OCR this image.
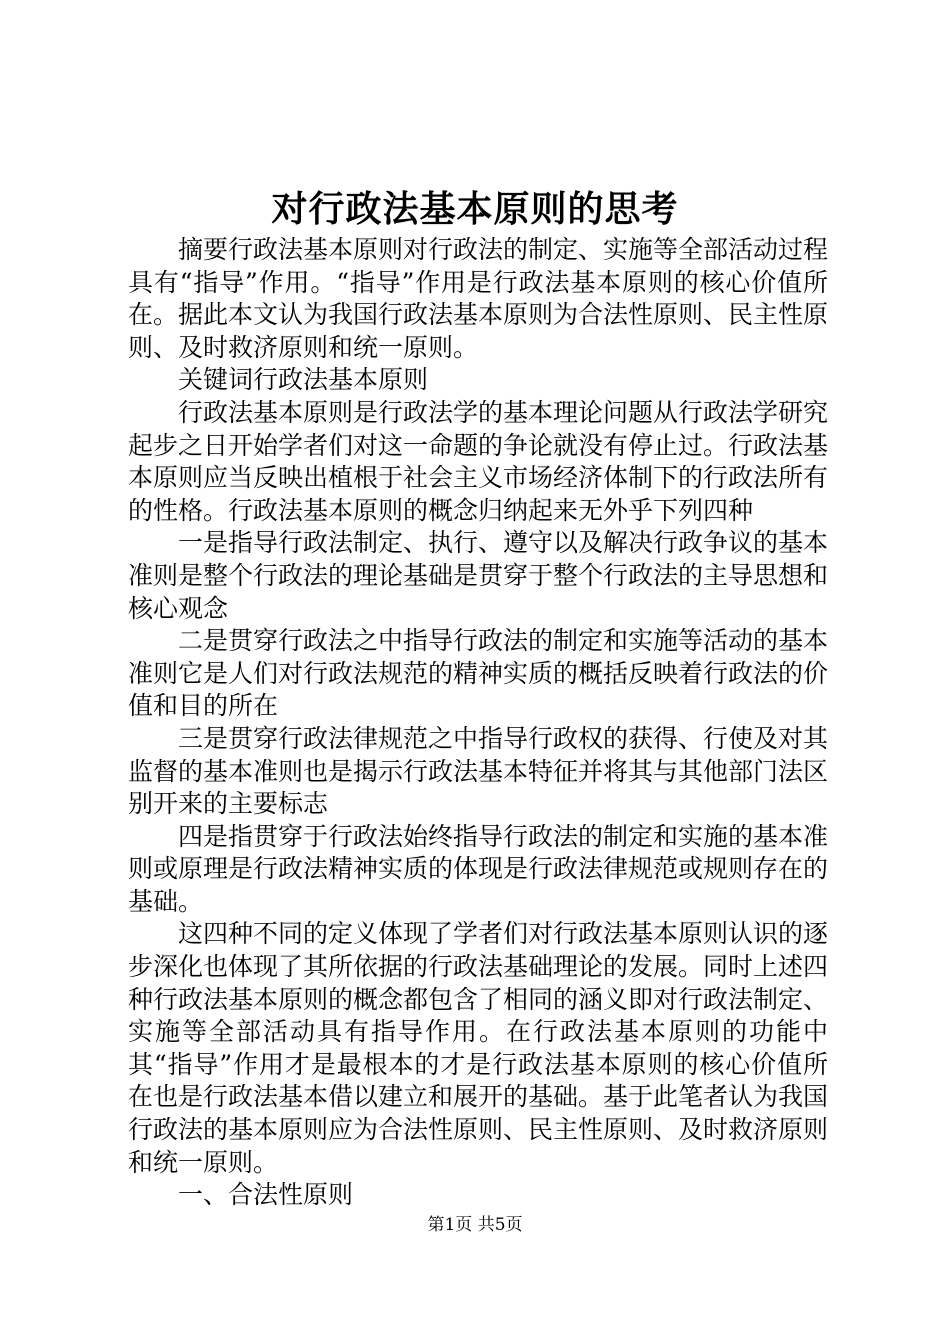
对行政法基本原则的思考

摘要行政法基本原则对行政法的制定、实施等全部活动过程具有“指导”作用。“指导”作用是行政法基本原则的核心价值所在。据此本文认为我国行政法基本原则为合法性原则、民主性原则、及时救济原则和统一原则。

关键词行政法基本原则

行政法基本原则是行政法学的基本理论问题从行政法学研究起步之日开始学者们对这一命题的争论就没有停止过。行政法基本原则应当反映出植根于社会主义市场经济体制下的行政法所有的性格。行政法基本原则的概念归纳起来无外乎下列四种

一是指导行政法制定、执行、遵守以及解决行政争议的基本准则是整个行政法的理论基础是贯穿于整个行政法的主导思想和核心观念

二是贯穿行政法之中指导行政法的制定和实施等活动的基本准则它是人们对行政法规范的精神实质的概括反映着行政法的价值和目的所在

三是贯穿行政法律规范之中指导行政权的获得、行使及对其监督的基本准则也是揭示行政法基本特征并将其与其他部门法区别开来的主要标志

四是指贯穿于行政法始终指导行政法的制定和实施的基本准则或原理是行政法精神实质的体现是行政法律规范或规则存在的基础。

这四种不同的定义体现了学者们对行政法基本原则认识的逐步深化也体现了其所依据的行政法基础理论的发展。同时上述四种行政法基本原则的概念都包含了相同的涵义即对行政法制定、实施等全部活动具有指导作用。在行政法基本原则的功能中其“指导”作用才是最根本的才是行政法基本原则的核心价值所在也是行政法基本借以建立和展开的基础。基于此笔者认为我国行政法的基本原则应为合法性原则、民主性原则、及时救济原则和统一原则。

一、合法性原则

第1页 共5页
